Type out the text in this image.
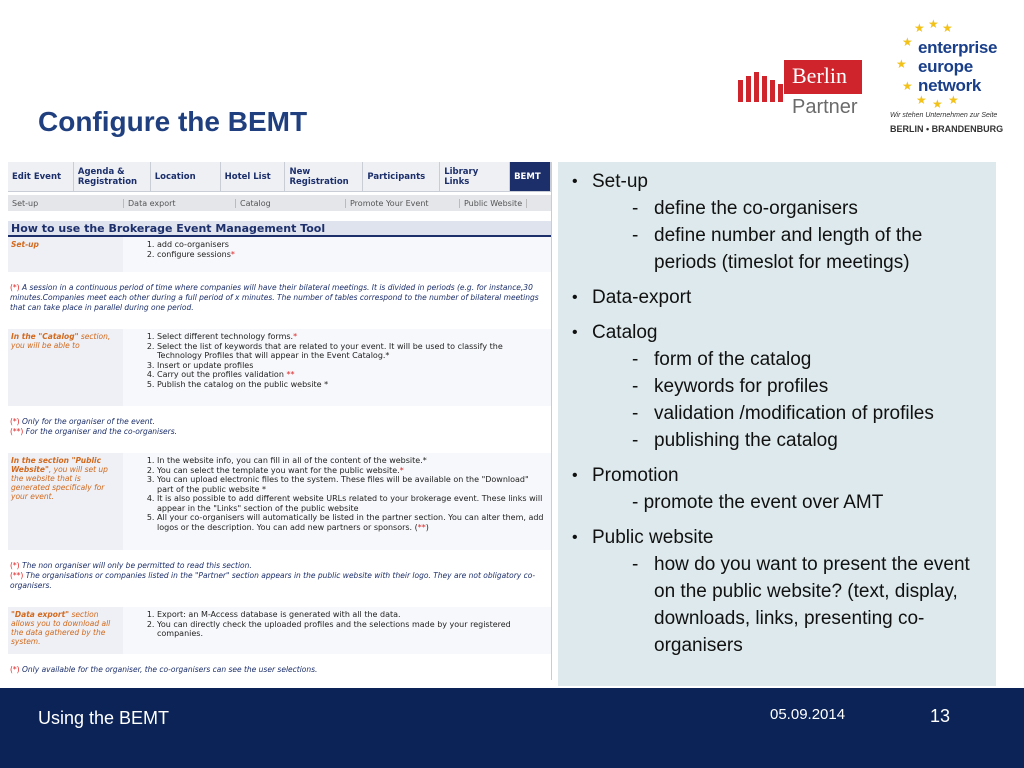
Configure the BEMT
Berlin
Partner
★ ★ ★
★
★
★
★ ★ ★
enterprise
europe
network
Wir stehen Unternehmen zur Seite
BERLIN • BRANDENBURG
Edit Event	Agenda &
Registration	Location	Hotel List	New
Registration	Participants	Library Links	BEMT
Set-up	Data export	Catalog	Promote Your Event	Public Website
How to use the Brokerage Event Management Tool
Set-up
1.	add co-organisers
2. configure sessions*
(*) A session in a continuous period of time where companies will have their bilateral meetings. It is divided in periods (e.g. for instance,30 minutes.Companies meet each other during a full period of x minutes. The number of tables correspond to the number of bilateral meetings that can take place in parallel during one period.
In the "Catalog" section, you will be able to
1. Select different technology forms.*
2. Select the list of keywords that are related to your event. It will be used to classify the Technology Profiles that will appear in the Event Catalog.*
3. Insert or update profiles
4. Carry out the profiles validation **
5. Publish the catalog on the public website *
(*) Only for the organiser of the event.
(**) For the organiser and the co-organisers.
In the section "Public Website", you will set up the website that is generated specificaly for your event.
1. In the website info, you can fill in all of the content of the website.*
2. You can select the template you want for the public website.*
3. You can upload electronic files to the system. These files will be available on the "Download" part of the public website *
4. It is also possible to add different website URLs related to your brokerage event. These links will appear in the "Links" section of the public website
5. All your co-organisers will automatically be listed in the partner section. You can alter them, add logos or the description. You can add new partners or sponsors. (**)
(*) The non organiser will only be permitted to read this section.
(**) The organisations or companies listed in the "Partner" section appears in the public website with their logo. They are not obligatory co-organisers.
"Data export" section allows you to download all the data gathered by the system.
1. Export: an M-Access database is generated with all the data.
2. You can directly check the uploaded profiles and the selections made by your registered companies.
(*) Only available for the organiser, the co-organisers can see the user selections.
• Set-up
- define the co-organisers
- define number and length of the periods (timeslot for meetings)
• Data-export
• Catalog
- form of the catalog
- keywords for profiles
- validation /modification of profiles
- publishing the catalog
• Promotion
- promote the event over AMT
• Public website
- how do you want to present the event on the public website? (text, display, downloads, links, presenting co-organisers
Using the BEMT	05.09.2014	13
